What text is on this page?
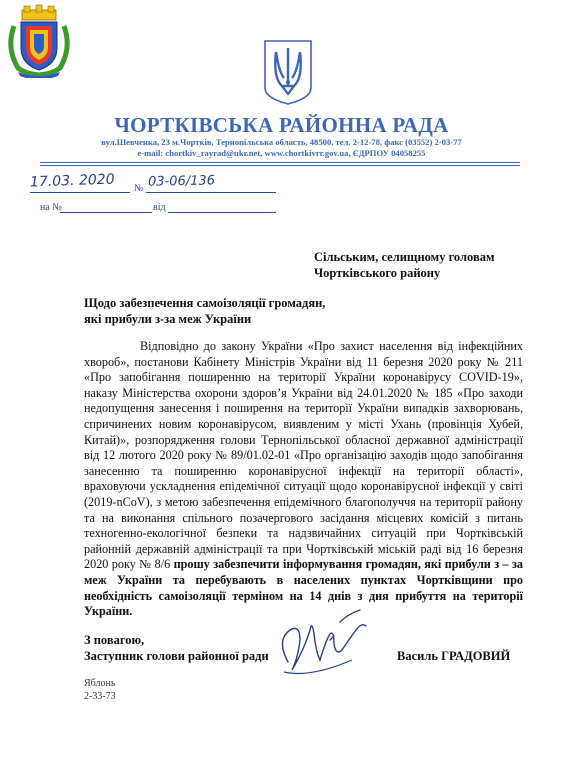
ЧОРТКІВСЬКА РАЙОННА РАДА
вул.Шевченка, 23 м.Чортків, Тернопільська область, 48500, тел. 2-12-78, факс (03552) 2-03-77
e-mail: chortkiv_rayrad@ukr.net, www.chortkivrr.gov.ua, ЄДРПОУ 04058255
17.03. 2020 № 03-06/136
на №	від
Сільським, селищному головам
Чортківського району
Щодо забезпечення самоізоляції громадян,
які прибули з-за меж України

Відповідно до закону України «Про захист населення від інфекційних хвороб», постанови Кабінету Міністрів України від 11 березня 2020 року № 211 «Про запобігання поширенню на території України коронавірусу COVID-19», наказу Міністерства охорони здоров’я України від 24.01.2020 № 185 «Про заходи недопущення занесення і поширення на території України випадків захворювань, спричинених новим коронавірусом, виявленим у місті Ухань (провінція Хубей, Китай)», розпорядження голови Тернопільської обласної державної адміністрації від 12 лютого 2020 року № 89/01.02-01 «Про організацію заходів щодо запобігання занесенню та поширенню коронавірусної інфекції на території області», враховуючи ускладнення епідемічної ситуації щодо коронавірусної інфекції у світі (2019-nCoV), з метою забезпечення епідемічного благополуччя на території району та на виконання спільного позачергового засідання місцевих комісій з питань техногенно-екологічної безпеки та надзвичайних ситуацій при Чортківській районній державній адміністрації та при Чортківській міській раді від 16 березня 2020 року № 8/6 прошу забезпечити інформування громадян, які прибули з – за меж України та перебувають в населених пунктах Чортківщини про необхідність самоізоляції терміном на 14 днів з дня прибуття на території України.

З повагою,
Заступник голови районної ради	Василь ГРАДОВИЙ
Яблонь
2-33-73
